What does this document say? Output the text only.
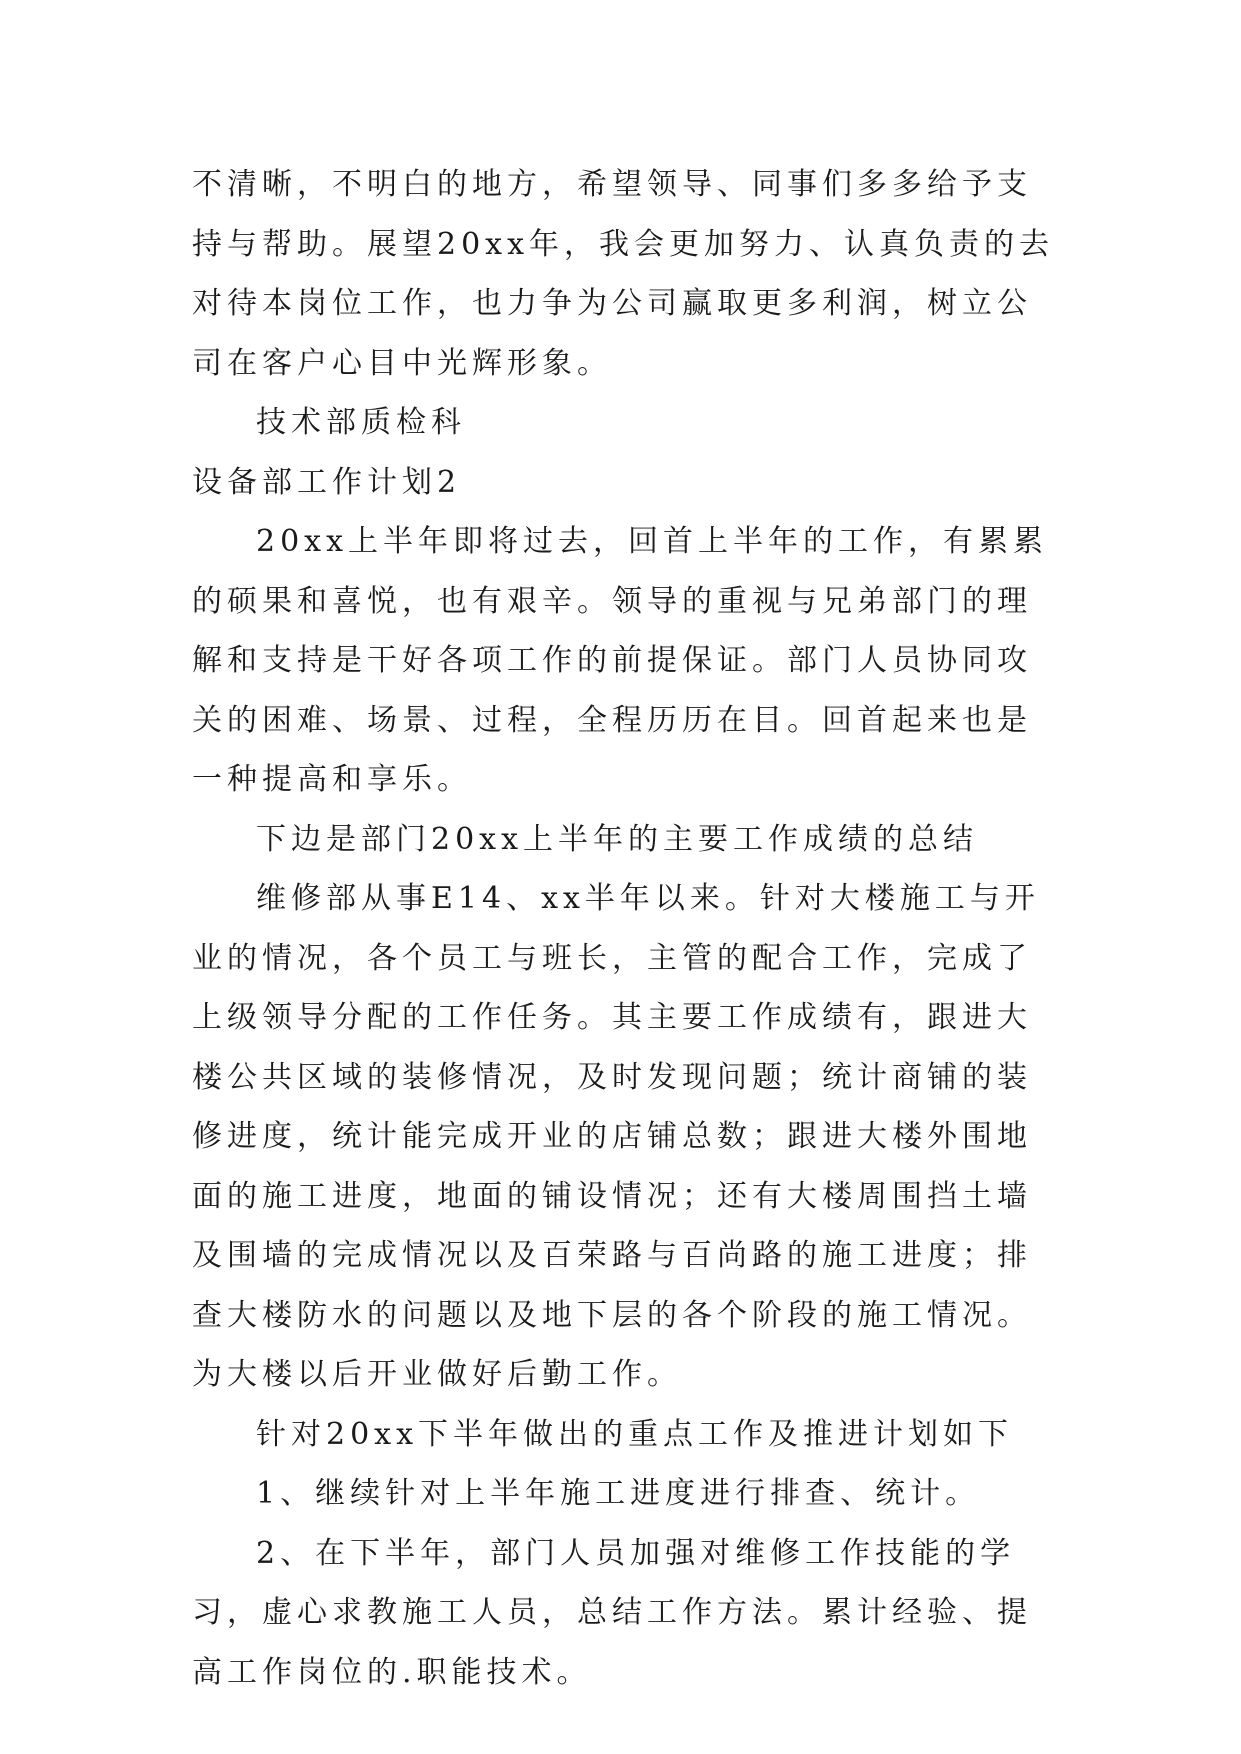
不清晰，不明白的地方，希望领导、同事们多多给予支持与帮助。展望20xx年，我会更加努力、认真负责的去对待本岗位工作，也力争为公司赢取更多利润，树立公司在客户心目中光辉形象。

技术部质检科

设备部工作计划2

20xx上半年即将过去，回首上半年的工作，有累累的硕果和喜悦，也有艰辛。领导的重视与兄弟部门的理解和支持是干好各项工作的前提保证。部门人员协同攻关的困难、场景、过程，全程历历在目。回首起来也是一种提高和享乐。

下边是部门20xx上半年的主要工作成绩的总结

维修部从事E14、xx半年以来。针对大楼施工与开业的情况，各个员工与班长，主管的配合工作，完成了上级领导分配的工作任务。其主要工作成绩有，跟进大楼公共区域的装修情况，及时发现问题；统计商铺的装修进度，统计能完成开业的店铺总数；跟进大楼外围地面的施工进度，地面的铺设情况；还有大楼周围挡土墙及围墙的完成情况以及百荣路与百尚路的施工进度；排查大楼防水的问题以及地下层的各个阶段的施工情况。为大楼以后开业做好后勤工作。

针对20xx下半年做出的重点工作及推进计划如下

1、继续针对上半年施工进度进行排查、统计。

2、在下半年，部门人员加强对维修工作技能的学习，虚心求教施工人员，总结工作方法。累计经验、提高工作岗位的.职能技术。
